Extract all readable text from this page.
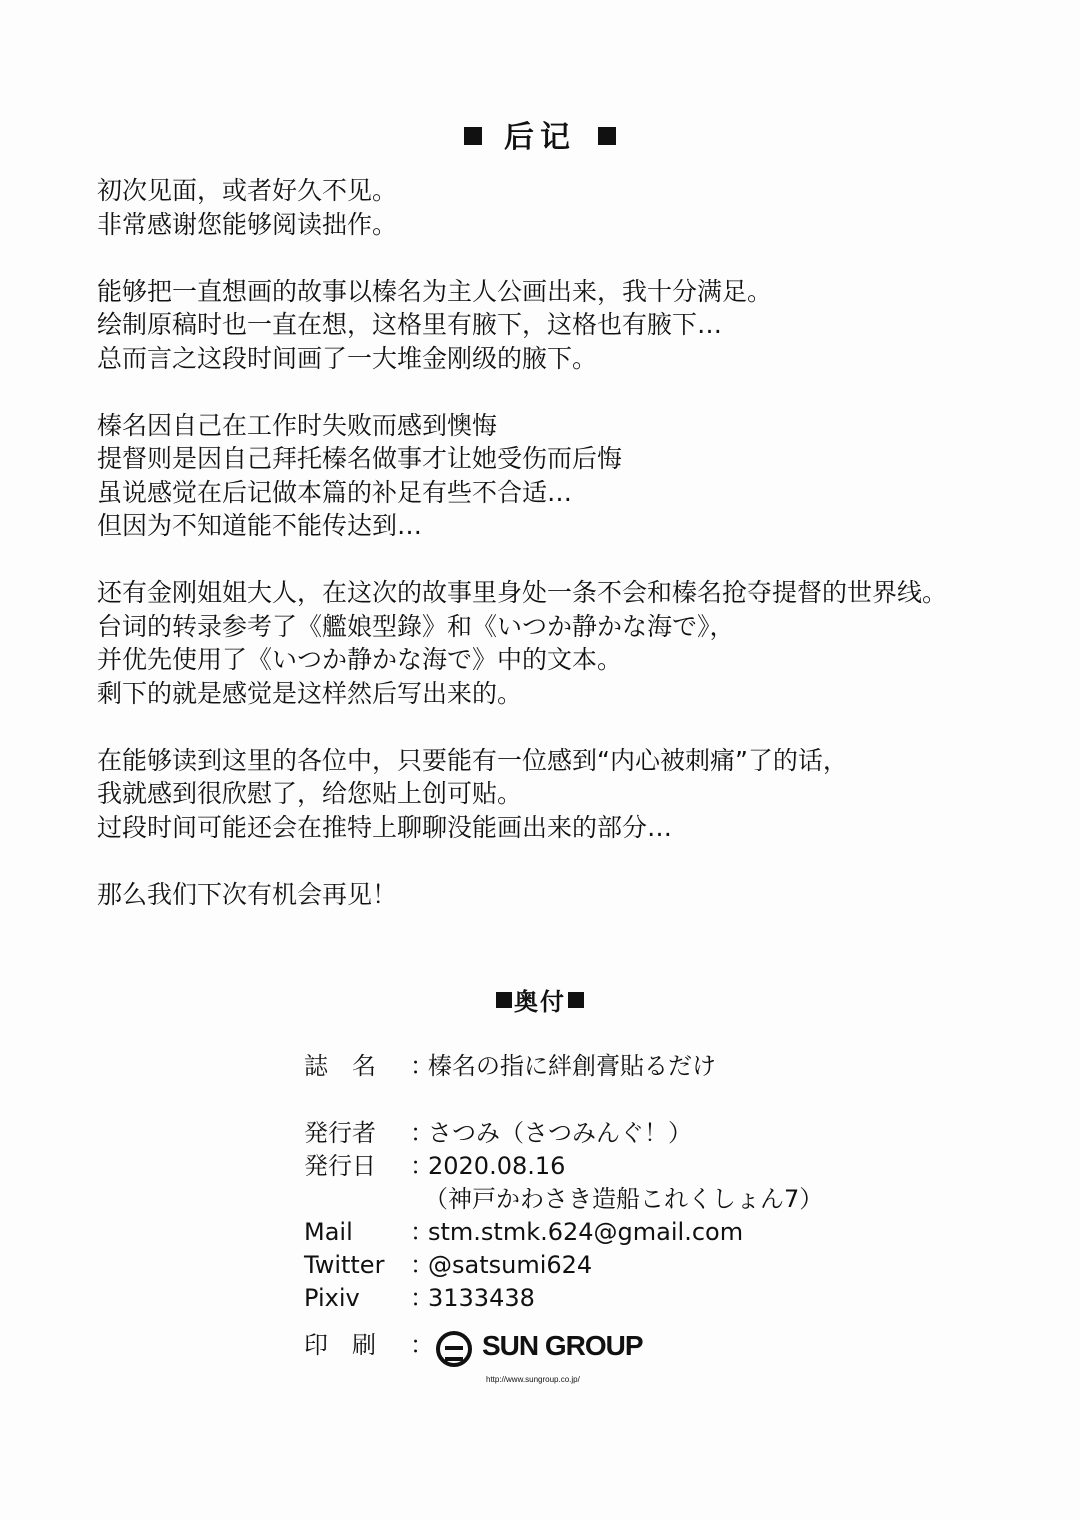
后记
初次见面，或者好久不见。
非常感谢您能够阅读拙作。
能够把一直想画的故事以榛名为主人公画出来，我十分满足。
绘制原稿时也一直在想，这格里有腋下，这格也有腋下…
总而言之这段时间画了一大堆金刚级的腋下。
榛名因自己在工作时失败而感到懊悔
提督则是因自己拜托榛名做事才让她受伤而后悔
虽说感觉在后记做本篇的补足有些不合适…
但因为不知道能不能传达到…
还有金刚姐姐大人，在这次的故事里身处一条不会和榛名抢夺提督的世界线。
台词的转录参考了《艦娘型錄》和《いつか静かな海で》，
并优先使用了《いつか静かな海で》中的文本。
剩下的就是感觉是这样然后写出来的。
在能够读到这里的各位中，只要能有一位感到“内心被刺痛”了的话，
我就感到很欣慰了，给您贴上创可贴。
过段时间可能还会在推特上聊聊没能画出来的部分…
那么我们下次有机会再见！
奥付
誌　名	：
榛名の指に絆創膏貼るだけ
発行者	：
さつみ（さつみんぐ！）
発行日	：
2020.08.16
（神戸かわさき造船これくしょん7）
Mail	：
stm.stmk.624@gmail.com
Twitter	：
@satsumi624
Pixiv	：
3133438
印　刷	： SUN GROUP
http://www.sungroup.co.jp/
